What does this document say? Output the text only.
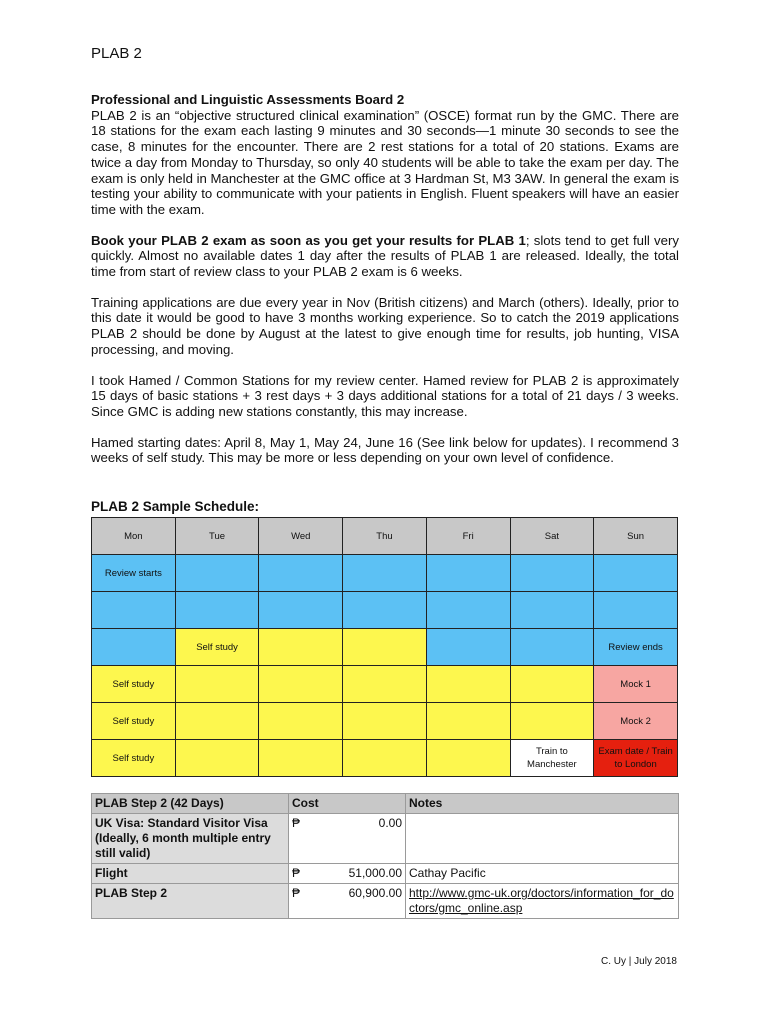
PLAB 2

Professional and Linguistic Assessments Board 2
PLAB 2 is an “objective structured clinical examination” (OSCE) format run by the GMC. There are 18 stations for the exam each lasting 9 minutes and 30 seconds—1 minute 30 seconds to see the case, 8 minutes for the encounter. There are 2 rest stations for a total of 20 stations. Exams are twice a day from Monday to Thursday, so only 40 students will be able to take the exam per day. The exam is only held in Manchester at the GMC office at 3 Hardman St, M3 3AW. In general the exam is testing your ability to communicate with your patients in English. Fluent speakers will have an easier time with the exam.

Book your PLAB 2 exam as soon as you get your results for PLAB 1; slots tend to get full very quickly. Almost no available dates 1 day after the results of PLAB 1 are released. Ideally, the total time from start of review class to your PLAB 2 exam is 6 weeks.

Training applications are due every year in Nov (British citizens) and March (others). Ideally, prior to this date it would be good to have 3 months working experience. So to catch the 2019 applications PLAB 2 should be done by August at the latest to give enough time for results, job hunting, VISA processing, and moving.

I took Hamed / Common Stations for my review center. Hamed review for PLAB 2 is approximately 15 days of basic stations + 3 rest days + 3 days additional stations for a total of 21 days / 3 weeks. Since GMC is adding new stations constantly, this may increase.

Hamed starting dates: April 8, May 1, May 24, June 16 (See link below for updates). I recommend 3 weeks of self study. This may be more or less depending on your own level of confidence.

PLAB 2 Sample Schedule:
Mon	Tue	Wed	Thu	Fri	Sat	Sun
Review starts						

	Self study					Review ends
Self study						Mock 1
Self study						Mock 2
Self study					Train to Manchester	Exam date / Train to London
PLAB Step 2 (42 Days)	Cost	Notes
UK Visa: Standard Visitor Visa (Ideally, 6 month multiple entry still valid)	₱ 0.00	

Flight	₱ 51,000.00	Cathay Pacific
PLAB Step 2	₱ 60,900.00	http://www.gmc-uk.org/doctors/information_for_doctors/gmc_online.asp
C. Uy | July 2018
